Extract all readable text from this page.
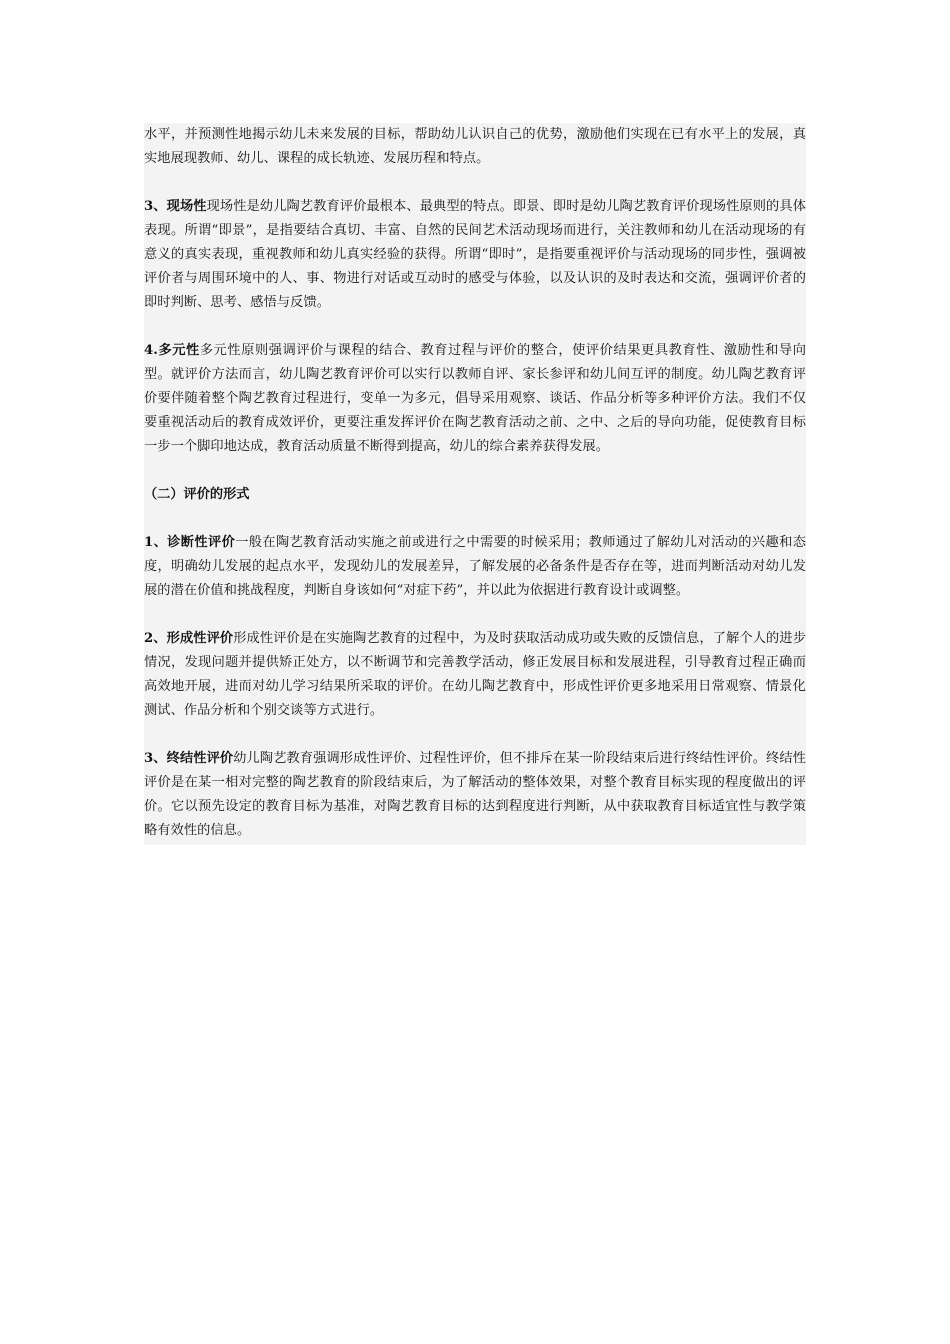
水平，并预测性地揭示幼儿未来发展的目标，帮助幼儿认识自己的优势，激励他们实现在已有水平上的发展，真实地展现教师、幼儿、课程的成长轨迹、发展历程和特点。

3、现场性现场性是幼儿陶艺教育评价最根本、最典型的特点。即景、即时是幼儿陶艺教育评价现场性原则的具体表现。所谓“即景”，是指要结合真切、丰富、自然的民间艺术活动现场而进行，关注教师和幼儿在活动现场的有意义的真实表现，重视教师和幼儿真实经验的获得。所谓“即时”，是指要重视评价与活动现场的同步性，强调被评价者与周围环境中的人、事、物进行对话或互动时的感受与体验，以及认识的及时表达和交流，强调评价者的即时判断、思考、感悟与反馈。

4.多元性多元性原则强调评价与课程的结合、教育过程与评价的整合，使评价结果更具教育性、激励性和导向型。就评价方法而言，幼儿陶艺教育评价可以实行以教师自评、家长参评和幼儿间互评的制度。幼儿陶艺教育评价要伴随着整个陶艺教育过程进行，变单一为多元，倡导采用观察、谈话、作品分析等多种评价方法。我们不仅要重视活动后的教育成效评价，更要注重发挥评价在陶艺教育活动之前、之中、之后的导向功能，促使教育目标一步一个脚印地达成，教育活动质量不断得到提高，幼儿的综合素养获得发展。

（二）评价的形式

1、诊断性评价一般在陶艺教育活动实施之前或进行之中需要的时候采用；教师通过了解幼儿对活动的兴趣和态度，明确幼儿发展的起点水平，发现幼儿的发展差异，了解发展的必备条件是否存在等，进而判断活动对幼儿发展的潜在价值和挑战程度，判断自身该如何“对症下药”，并以此为依据进行教育设计或调整。

2、形成性评价形成性评价是在实施陶艺教育的过程中，为及时获取活动成功或失败的反馈信息，了解个人的进步情况，发现问题并提供矫正处方，以不断调节和完善教学活动，修正发展目标和发展进程，引导教育过程正确而高效地开展，进而对幼儿学习结果所采取的评价。在幼儿陶艺教育中，形成性评价更多地采用日常观察、情景化测试、作品分析和个别交谈等方式进行。

3、终结性评价幼儿陶艺教育强调形成性评价、过程性评价，但不排斥在某一阶段结束后进行终结性评价。终结性评价是在某一相对完整的陶艺教育的阶段结束后，为了解活动的整体效果，对整个教育目标实现的程度做出的评价。它以预先设定的教育目标为基准，对陶艺教育目标的达到程度进行判断，从中获取教育目标适宜性与教学策略有效性的信息。
